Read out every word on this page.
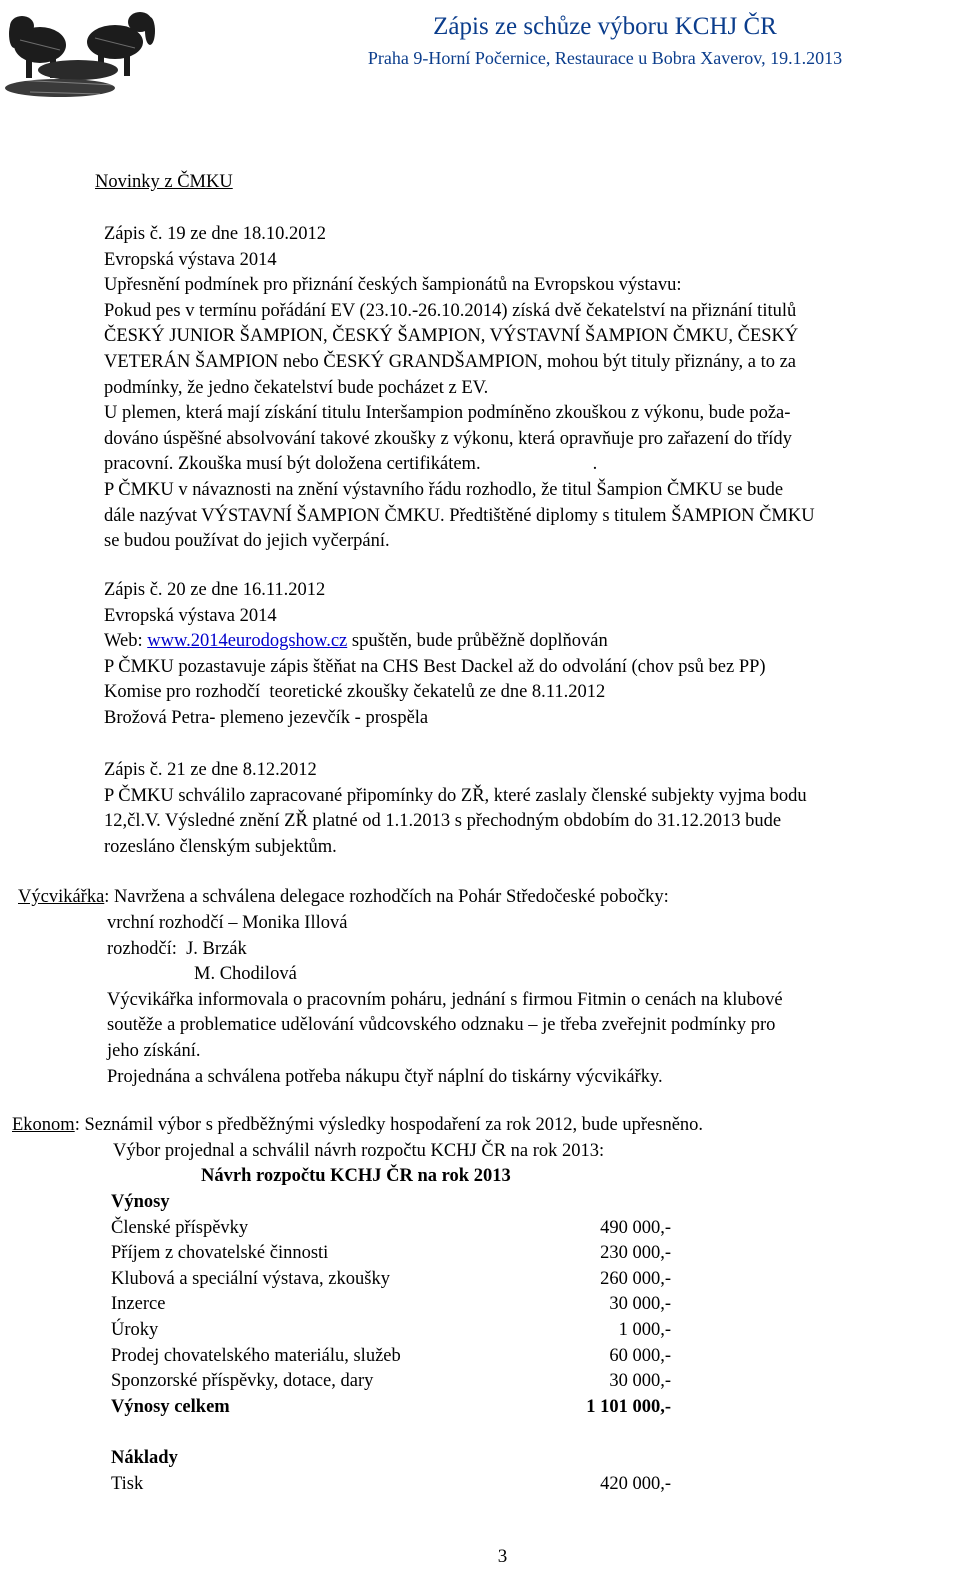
Zápis ze schůze výboru KCHJ ČR
Praha 9-Horní Počernice, Restaurace u Bobra Xaverov, 19.1.2013
Novinky z ČMKU

Zápis č. 19 ze dne 18.10.2012

Evropská výstava 2014

Upřesnění podmínek pro přiznání českých šampionátů na Evropskou výstavu:

Pokud pes v termínu pořádání EV (23.10.-26.10.2014) získá dvě čekatelství na přiznání titulů

ČESKÝ JUNIOR ŠAMPION, ČESKÝ ŠAMPION, VÝSTAVNÍ ŠAMPION ČMKU, ČESKÝ

VETERÁN ŠAMPION nebo ČESKÝ GRANDŠAMPION, mohou být tituly přiznány, a to za

podmínky, že jedno čekatelství bude pocházet z EV.

U plemen, která mají získání titulu Interšampion podmíněno zkouškou z výkonu, bude poža-

dováno úspěšné absolvování takové zkoušky z výkonu, která opravňuje pro zařazení do třídy

pracovní. Zkouška musí být doložena certifikátem.	.

P ČMKU v návaznosti na znění výstavního řádu rozhodlo, že titul Šampion ČMKU se bude

dále nazývat VÝSTAVNÍ ŠAMPION ČMKU. Předtištěné diplomy s titulem ŠAMPION ČMKU

se budou používat do jejich vyčerpání.

Zápis č. 20 ze dne 16.11.2012

Evropská výstava 2014

Web: www.2014eurodogshow.cz spuštěn, bude průběžně doplňován

P ČMKU pozastavuje zápis štěňat na CHS Best Dackel až do odvolání (chov psů bez PP)

Komise pro rozhodčí  teoretické zkoušky čekatelů ze dne 8.11.2012

Brožová Petra- plemeno jezevčík - prospěla

Zápis č. 21 ze dne 8.12.2012

P ČMKU schválilo zapracované připomínky do ZŘ, které zaslaly členské subjekty vyjma bodu

12,čl.V. Výsledné znění ZŘ platné od 1.1.2013 s přechodným obdobím do 31.12.2013 bude

rozesláno členským subjektům.

Výcvikářka: Navržena a schválena delegace rozhodčích na Pohár Středočeské pobočky:

vrchní rozhodčí – Monika Illová

rozhodčí:  J. Brzák

M. Chodilová

Výcvikářka informovala o pracovním poháru, jednání s firmou Fitmin o cenách na klubové

soutěže a problematice udělování vůdcovského odznaku – je třeba zveřejnit podmínky pro

jeho získání.

Projednána a schválena potřeba nákupu čtyř náplní do tiskárny výcvikářky.

Ekonom: Seznámil výbor s předběžnými výsledky hospodaření za rok 2012, bude upřesněno.
Výbor projednal a schválil návrh rozpočtu KCHJ ČR na rok 2013:
Návrh rozpočtu KCHJ ČR na rok 2013
Výnosy	
Členské příspěvky	490 000,-
Příjem z chovatelské činnosti	230 000,-
Klubová a speciální výstava, zkoušky	260 000,-
Inzerce	30 000,-
Úroky	1 000,-
Prodej chovatelského materiálu, služeb	60 000,-
Sponzorské příspěvky, dotace, dary	30 000,-
Výnosy celkem	1 101 000,-

Náklady	
Tisk	420 000,-
3
